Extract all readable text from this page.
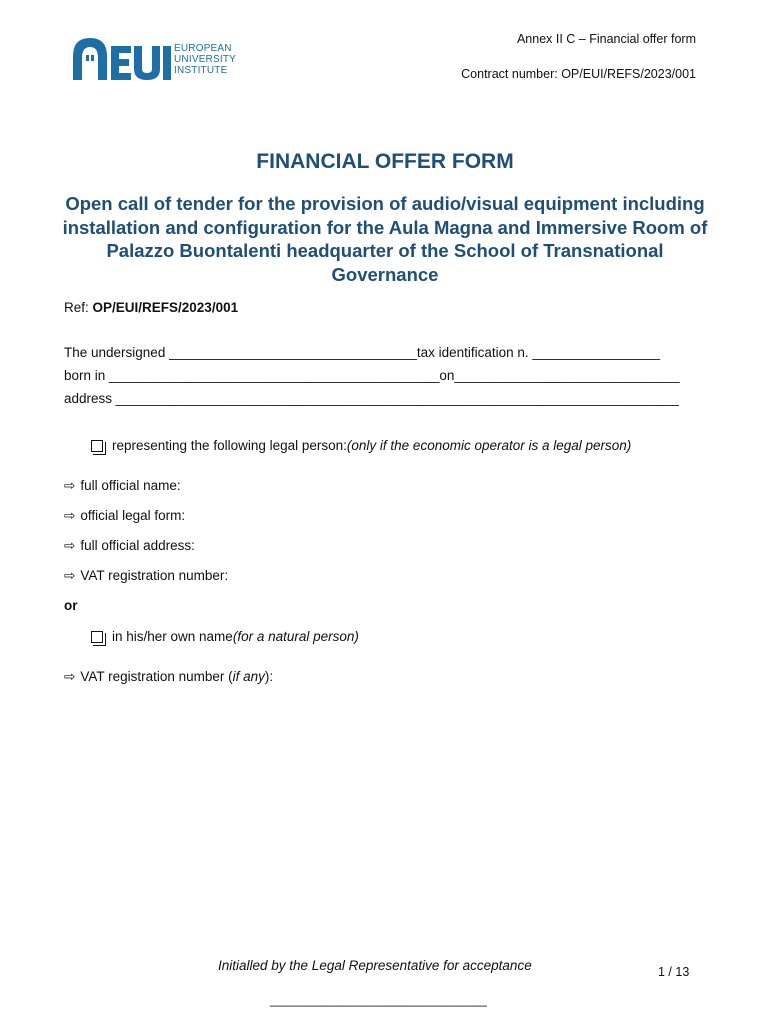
EUROPEAN
UNIVERSITY
INSTITUTE
Annex II C – Financial offer form
Contract number: OP/EUI/REFS/2023/001
FINANCIAL OFFER FORM
Open call of tender for the provision of audio/visual equipment including installation and configuration for the Aula Magna and Immersive Room of Palazzo Buontalenti headquarter of the School of Transnational Governance
Ref: OP/EUI/REFS/2023/001
The undersigned _________________________________tax identification n. _________________
born in ____________________________________________on______________________________
address ___________________________________________________________________________
representing the following legal person: (only if the economic operator is a legal person)
⇨ full official name:
⇨ official legal form:
⇨ full official address:
⇨ VAT registration number:
or
in his/her own name (for a natural person)
⇨ VAT registration number (if any):
Initialled by the Legal Representative for acceptance
______________________________
1 / 13
